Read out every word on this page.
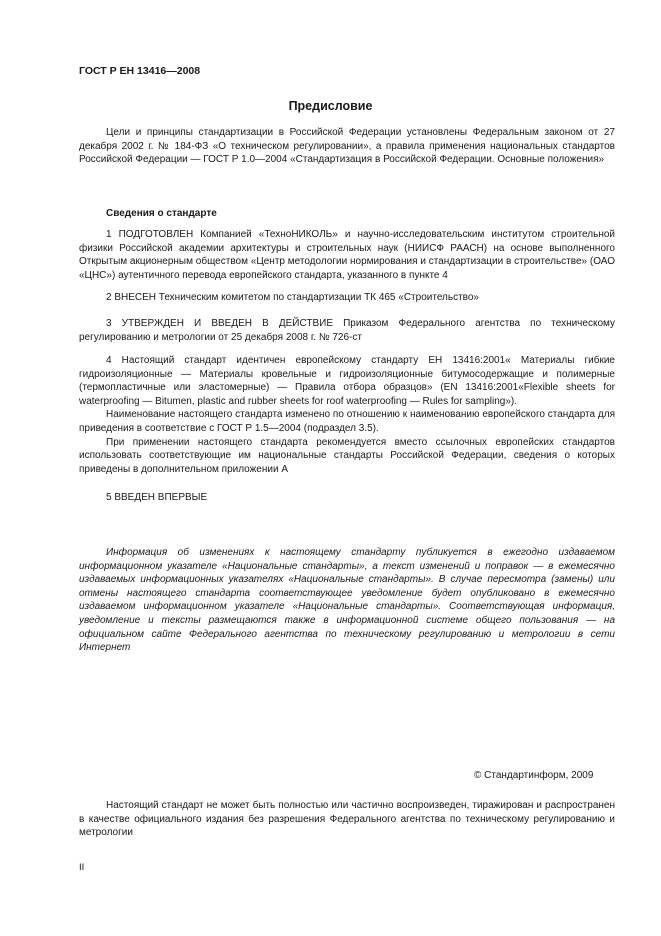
ГОСТ Р ЕН 13416—2008

Предисловие

Цели и принципы стандартизации в Российской Федерации установлены Федеральным законом от 27 декабря 2002 г. № 184-ФЗ «О техническом регулировании», а правила применения национальных стандартов Российской Федерации — ГОСТ Р 1.0—2004 «Стандартизация в Российской Федерации. Основные положения»

Сведения о стандарте

1 ПОДГОТОВЛЕН Компанией «ТехноНИКОЛЬ» и научно-исследовательским институтом строительной физики Российской академии архитектуры и строительных наук (НИИСФ РААСН) на основе выполненного Открытым акционерным обществом «Центр методологии нормирования и стандартизации в строительстве» (ОАО «ЦНС») аутентичного перевода европейского стандарта, указанного в пункте 4

2 ВНЕСЕН Техническим комитетом по стандартизации ТК 465 «Строительство»

3 УТВЕРЖДЕН И ВВЕДЕН В ДЕЙСТВИЕ Приказом Федерального агентства по техническому регулированию и метрологии от 25 декабря 2008 г. № 726-ст

4 Настоящий стандарт идентичен европейскому стандарту ЕН 13416:2001« Материалы гибкие гидроизоляционные — Материалы кровельные и гидроизоляционные битумосодержащие и полимерные (термопластичные или эластомерные) — Правила отбора образцов» (EN 13416:2001«Flexible sheets for waterproofing — Bitumen, plastic and rubber sheets for roof waterproofing — Rules for sampling»).

Наименование настоящего стандарта изменено по отношению к наименованию европейского стандарта для приведения в соответствие с ГОСТ Р 1.5—2004 (подраздел 3.5).

При применении настоящего стандарта рекомендуется вместо ссылочных европейских стандартов использовать соответствующие им национальные стандарты Российской Федерации, сведения о которых приведены в дополнительном приложении А

5 ВВЕДЕН ВПЕРВЫЕ

Информация об изменениях к настоящему стандарту публикуется в ежегодно издаваемом информационном указателе «Национальные стандарты», а текст изменений и поправок — в ежемесячно издаваемых информационных указателях «Национальные стандарты». В случае пересмотра (замены) или отмены настоящего стандарта соответствующее уведомление будет опубликовано в ежемесячно издаваемом информационном указателе «Национальные стандарты». Соответствующая информация, уведомление и тексты размещаются также в информационной системе общего пользования — на официальном сайте Федерального агентства по техническому регулированию и метрологии в сети Интернет

© Стандартинформ, 2009

Настоящий стандарт не может быть полностью или частично воспроизведен, тиражирован и распространен в качестве официального издания без разрешения Федерального агентства по техническому регулированию и метрологии

II
